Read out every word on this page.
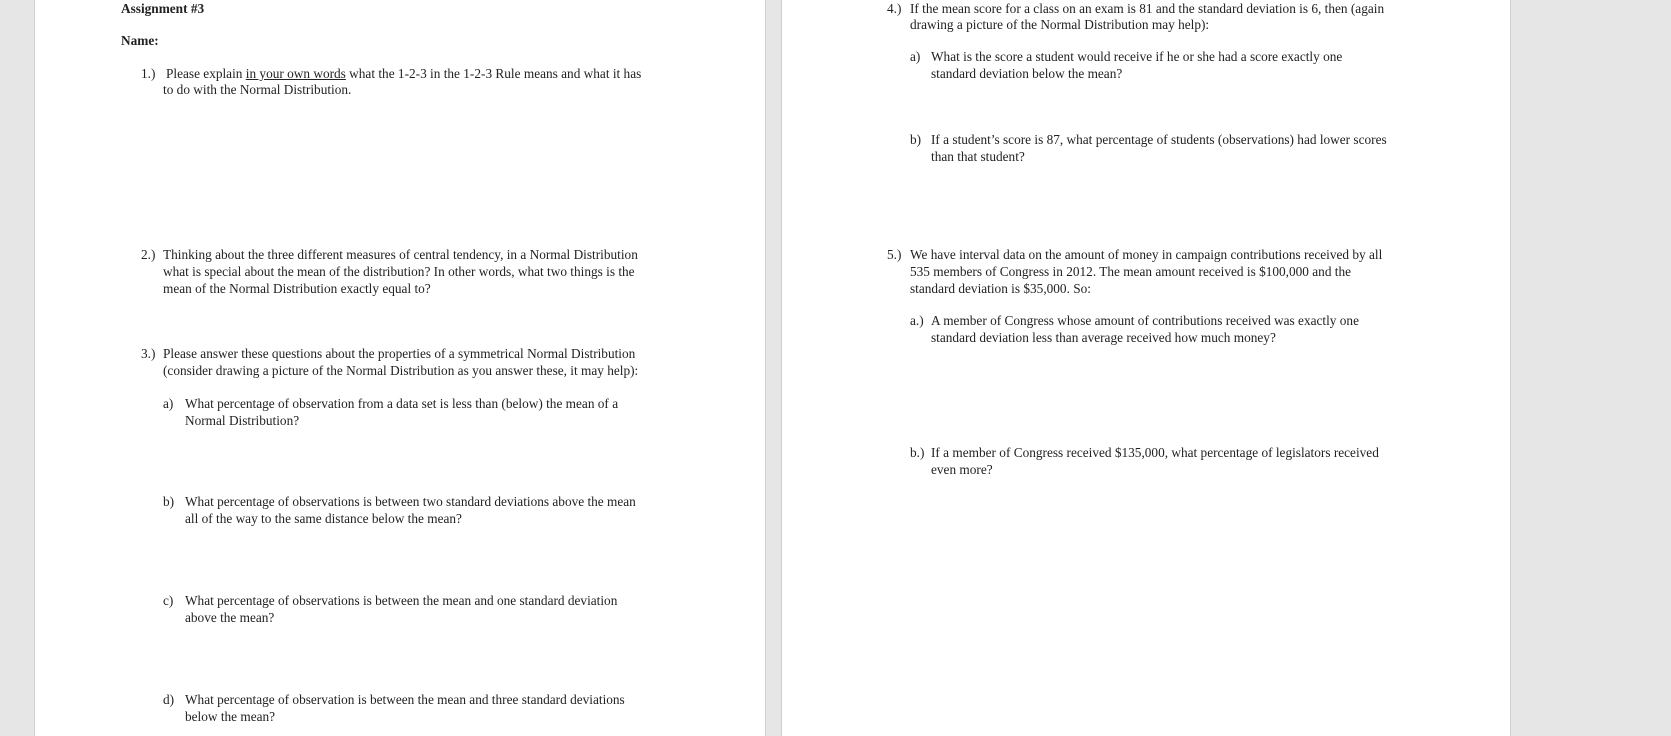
Assignment #3
Name:
1.) Please explain in your own words what the 1-2-3 in the 1-2-3 Rule means and what it has
to do with the Normal Distribution.
2.) Thinking about the three different measures of central tendency, in a Normal Distribution
what is special about the mean of the distribution? In other words, what two things is the
mean of the Normal Distribution exactly equal to?
3.) Please answer these questions about the properties of a symmetrical Normal Distribution
(consider drawing a picture of the Normal Distribution as you answer these, it may help):
a) What percentage of observation from a data set is less than (below) the mean of a
Normal Distribution?
b) What percentage of observations is between two standard deviations above the mean
all of the way to the same distance below the mean?
c) What percentage of observations is between the mean and one standard deviation
above the mean?
d) What percentage of observation is between the mean and three standard deviations
below the mean?
4.) If the mean score for a class on an exam is 81 and the standard deviation is 6, then (again
drawing a picture of the Normal Distribution may help):
a) What is the score a student would receive if he or she had a score exactly one
standard deviation below the mean?
b) If a student’s score is 87, what percentage of students (observations) had lower scores
than that student?
5.) We have interval data on the amount of money in campaign contributions received by all
535 members of Congress in 2012. The mean amount received is $100,000 and the
standard deviation is $35,000. So:
a.) A member of Congress whose amount of contributions received was exactly one
standard deviation less than average received how much money?
b.) If a member of Congress received $135,000, what percentage of legislators received
even more?
